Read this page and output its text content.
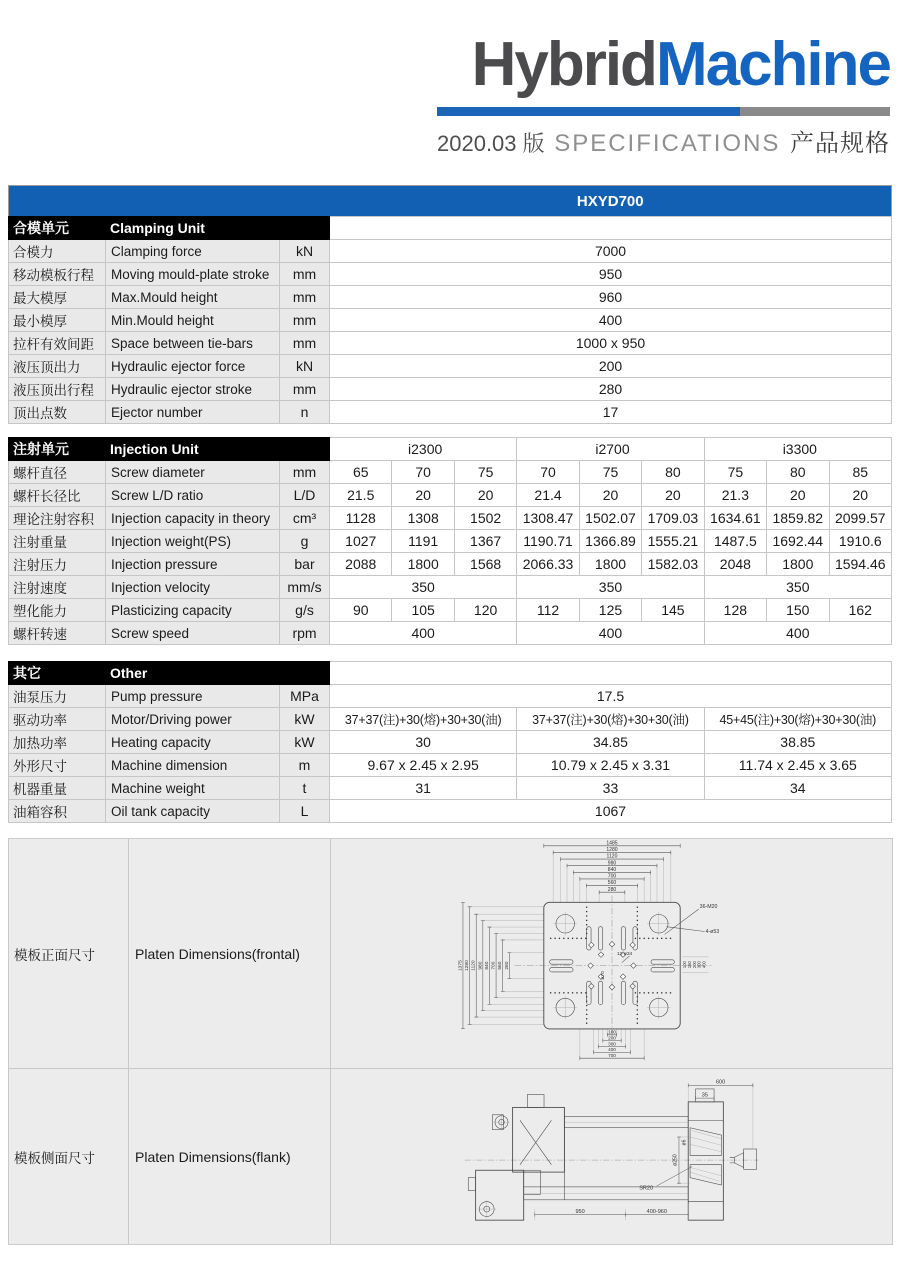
HybridMachine
2020.03 版 SPECIFICATIONS 产品规格
			HXYD700
合模单元	Clamping Unit		
合模力	Clamping force	kN	7000
移动模板行程	Moving mould-plate stroke	mm	950
最大模厚	Max.Mould height	mm	960
最小模厚	Min.Mould height	mm	400
拉杆有效间距	Space between tie-bars	mm	1000 x 950
液压顶出力	Hydraulic ejector force	kN	200
液压顶出行程	Hydraulic ejector stroke	mm	280
顶出点数	Ejector number	n	17
注射单元	Injection Unit		i2300			i2700			i3300		
螺杆直径	Screw diameter	mm	65	70	75	70	75	80	75	80	85
螺杆长径比	Screw L/D ratio	L/D	21.5	20	20	21.4	20	20	21.3	20	20
理论注射容积	Injection capacity in theory	cm³	1128	1308	1502	1308.47	1502.07	1709.03	1634.61	1859.82	2099.57
注射重量	Injection weight(PS)	g	1027	1191	1367	1190.71	1366.89	1555.21	1487.5	1692.44	1910.6
注射压力	Injection pressure	bar	2088	1800	1568	2066.33	1800	1582.03	2048	1800	1594.46
注射速度	Injection velocity	mm/s	350			350			350		
塑化能力	Plasticizing capacity	g/s	90	105	120	112	125	145	128	150	162
螺杆转速	Screw speed	rpm	400			400			400		
其它	Other				
油泵压力	Pump pressure	MPa	17.5		
驱动功率	Motor/Driving power	kW	37+37(注)+30(熔)+30+30(油)	37+37(注)+30(熔)+30+30(油)	45+45(注)+30(熔)+30+30(油)
加热功率	Heating capacity	kW	30	34.85	38.85
外形尺寸	Machine dimension	m	9.67 x 2.45 x 2.95	10.79 x 2.45 x 3.31	11.74 x 2.45 x 3.65
机器重量	Machine weight	t	31	33	34
油箱容积	Oil tank capacity	L	1067		
模板正面尺寸	Platen Dimensions(frontal)	
1485
1280
1120
980
840
700
560
280
1375 1280 1120 980 840 700 560 280
36-M20
4-ø53
12-ø34
ø70
100 150 200 300 400
100
200
300
400
700

模板侧面尺寸	Platen Dimensions(flank)	
600
35
ø6
ø250
SR20
950	400-960
